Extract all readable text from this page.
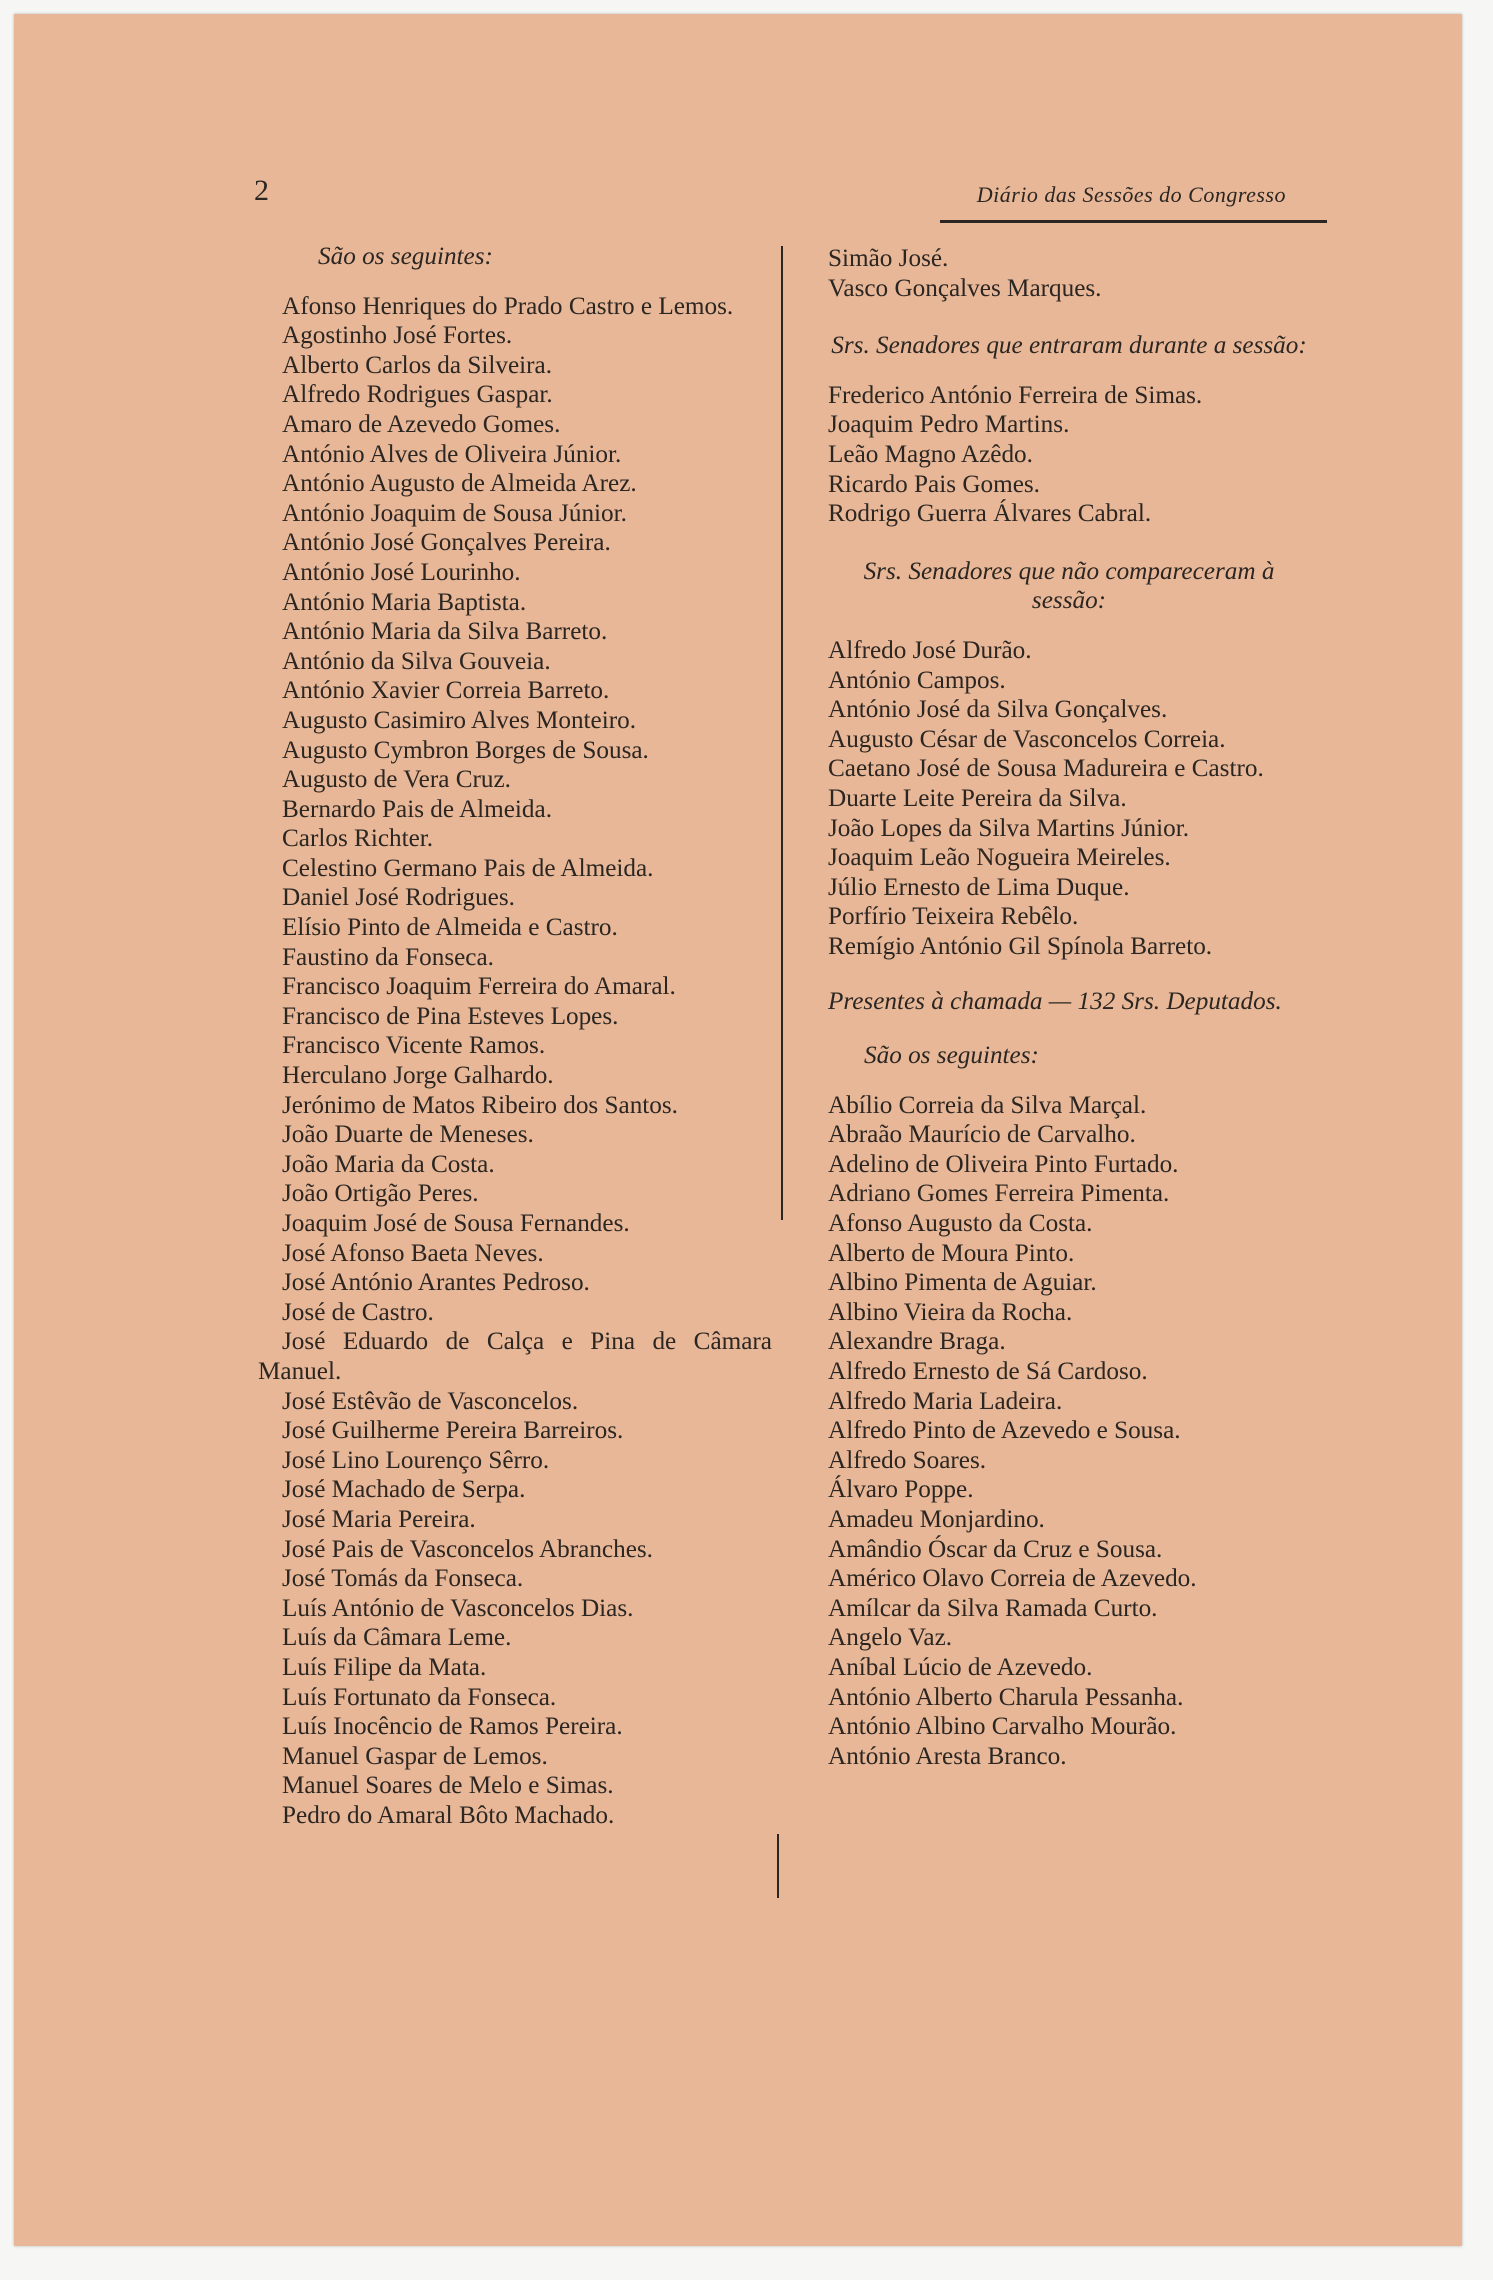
2	Diário das Sessões do Congresso

São os seguintes:

Afonso Henriques do Prado Castro e Lemos.

Agostinho José Fortes.

Alberto Carlos da Silveira.

Alfredo Rodrigues Gaspar.

Amaro de Azevedo Gomes.

António Alves de Oliveira Júnior.

António Augusto de Almeida Arez.

António Joaquim de Sousa Júnior.

António José Gonçalves Pereira.

António José Lourinho.

António Maria Baptista.

António Maria da Silva Barreto.

António da Silva Gouveia.

António Xavier Correia Barreto.

Augusto Casimiro Alves Monteiro.

Augusto Cymbron Borges de Sousa.

Augusto de Vera Cruz.

Bernardo Pais de Almeida.

Carlos Richter.

Celestino Germano Pais de Almeida.

Daniel José Rodrigues.

Elísio Pinto de Almeida e Castro.

Faustino da Fonseca.

Francisco Joaquim Ferreira do Amaral.

Francisco de Pina Esteves Lopes.

Francisco Vicente Ramos.

Herculano Jorge Galhardo.

Jerónimo de Matos Ribeiro dos Santos.

João Duarte de Meneses.

João Maria da Costa.

João Ortigão Peres.

Joaquim José de Sousa Fernandes.

José Afonso Baeta Neves.

José António Arantes Pedroso.

José de Castro.

José Eduardo de Calça e Pina de Câmara Manuel.

José Estêvão de Vasconcelos.

José Guilherme Pereira Barreiros.

José Lino Lourenço Sêrro.

José Machado de Serpa.

José Maria Pereira.

José Pais de Vasconcelos Abranches.

José Tomás da Fonseca.

Luís António de Vasconcelos Dias.

Luís da Câmara Leme.

Luís Filipe da Mata.

Luís Fortunato da Fonseca.

Luís Inocêncio de Ramos Pereira.

Manuel Gaspar de Lemos.

Manuel Soares de Melo e Simas.

Pedro do Amaral Bôto Machado.

Simão José.

Vasco Gonçalves Marques.

Srs. Senadores que entraram durante a sessão:

Frederico António Ferreira de Simas.

Joaquim Pedro Martins.

Leão Magno Azêdo.

Ricardo Pais Gomes.

Rodrigo Guerra Álvares Cabral.

Srs. Senadores que não compareceram à sessão:

Alfredo José Durão.

António Campos.

António José da Silva Gonçalves.

Augusto César de Vasconcelos Correia.

Caetano José de Sousa Madureira e Castro.

Duarte Leite Pereira da Silva.

João Lopes da Silva Martins Júnior.

Joaquim Leão Nogueira Meireles.

Júlio Ernesto de Lima Duque.

Porfírio Teixeira Rebêlo.

Remígio António Gil Spínola Barreto.

Presentes à chamada — 132 Srs. Deputados.

São os seguintes:

Abílio Correia da Silva Marçal.

Abraão Maurício de Carvalho.

Adelino de Oliveira Pinto Furtado.

Adriano Gomes Ferreira Pimenta.

Afonso Augusto da Costa.

Alberto de Moura Pinto.

Albino Pimenta de Aguiar.

Albino Vieira da Rocha.

Alexandre Braga.

Alfredo Ernesto de Sá Cardoso.

Alfredo Maria Ladeira.

Alfredo Pinto de Azevedo e Sousa.

Alfredo Soares.

Álvaro Poppe.

Amadeu Monjardino.

Amândio Óscar da Cruz e Sousa.

Américo Olavo Correia de Azevedo.

Amílcar da Silva Ramada Curto.

Angelo Vaz.

Aníbal Lúcio de Azevedo.

António Alberto Charula Pessanha.

António Albino Carvalho Mourão.

António Aresta Branco.
